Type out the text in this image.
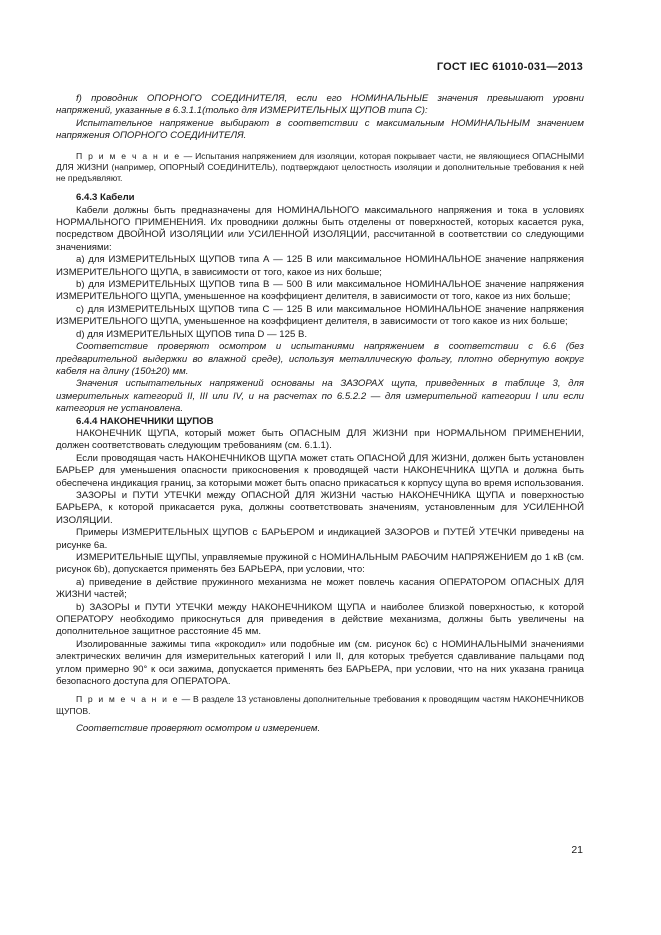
ГОСТ IEC 61010-031—2013

f) проводник ОПОРНОГО СОЕДИНИТЕЛЯ, если его НОМИНАЛЬНЫЕ значения превышают уровни напряжений, указанные в 6.3.1.1(только для ИЗМЕРИТЕЛЬНЫХ ЩУПОВ типа С):

Испытательное напряжение выбирают в соответствии с максимальным НОМИНАЛЬНЫМ значением напряжения ОПОРНОГО СОЕДИНИТЕЛЯ.

П р и м е ч а н и е — Испытания напряжением для изоляции, которая покрывает части, не являющиеся ОПАСНЫМИ ДЛЯ ЖИЗНИ (например, ОПОРНЫЙ СОЕДИНИТЕЛЬ), подтверждают целостность изоляции и дополнительные требования к ней не предъявляют.

6.4.3 Кабели

Кабели должны быть предназначены для НОМИНАЛЬНОГО максимального напряжения и тока в условиях НОРМАЛЬНОГО ПРИМЕНЕНИЯ. Их проводники должны быть отделены от поверхностей, которых касается рука, посредством ДВОЙНОЙ ИЗОЛЯЦИИ или УСИЛЕННОЙ ИЗОЛЯЦИИ, рассчитанной в соответствии со следующими значениями:

а) для ИЗМЕРИТЕЛЬНЫХ ЩУПОВ типа А — 125 В или максимальное НОМИНАЛЬНОЕ значение напряжения ИЗМЕРИТЕЛЬНОГО ЩУПА, в зависимости от того, какое из них больше;

b) для ИЗМЕРИТЕЛЬНЫХ ЩУПОВ типа В — 500 В или максимальное НОМИНАЛЬНОЕ значение напряжения ИЗМЕРИТЕЛЬНОГО ЩУПА, уменьшенное на коэффициент делителя, в зависимости от того, какое из них больше;

c) для ИЗМЕРИТЕЛЬНЫХ ЩУПОВ типа С — 125 В или максимальное НОМИНАЛЬНОЕ значение напряжения ИЗМЕРИТЕЛЬНОГО ЩУПА, уменьшенное на коэффициент делителя, в зависимости от того какое из них больше;

d) для ИЗМЕРИТЕЛЬНЫХ ЩУПОВ типа D — 125 В.

Соответствие проверяют осмотром и испытаниями напряжением в соответствии с 6.6 (без предварительной выдержки во влажной среде), используя металлическую фольгу, плотно обернутую вокруг кабеля на длину (150±20) мм.

Значения испытательных напряжений основаны на ЗАЗОРАХ щупа, приведенных в таблице 3, для измерительных категорий II, III или IV, и на расчетах по 6.5.2.2 — для измерительной категории I или если категория не установлена.

6.4.4 НАКОНЕЧНИКИ ЩУПОВ

НАКОНЕЧНИК ЩУПА, который может быть ОПАСНЫМ ДЛЯ ЖИЗНИ при НОРМАЛЬНОМ ПРИМЕНЕНИИ, должен соответствовать следующим требованиям (см. 6.1.1).

Если проводящая часть НАКОНЕЧНИКОВ ЩУПА может стать ОПАСНОЙ ДЛЯ ЖИЗНИ, должен быть установлен БАРЬЕР для уменьшения опасности прикосновения к проводящей части НАКОНЕЧНИКА ЩУПА и должна быть обеспечена индикация границ, за которыми может быть опасно прикасаться к корпусу щупа во время использования.

ЗАЗОРЫ и ПУТИ УТЕЧКИ между ОПАСНОЙ ДЛЯ ЖИЗНИ частью НАКОНЕЧНИКА ЩУПА и поверхностью БАРЬЕРА, к которой прикасается рука, должны соответствовать значениям, установленным для УСИЛЕННОЙ ИЗОЛЯЦИИ.

Примеры ИЗМЕРИТЕЛЬНЫХ ЩУПОВ с БАРЬЕРОМ и индикацией ЗАЗОРОВ и ПУТЕЙ УТЕЧКИ приведены на рисунке 6а.

ИЗМЕРИТЕЛЬНЫЕ ЩУПЫ, управляемые пружиной с НОМИНАЛЬНЫМ РАБОЧИМ НАПРЯЖЕНИЕМ до 1 кВ (см. рисунок 6b), допускается применять без БАРЬЕРА, при условии, что:

а) приведение в действие пружинного механизма не может повлечь касания ОПЕРАТОРОМ ОПАСНЫХ ДЛЯ ЖИЗНИ частей;

b) ЗАЗОРЫ и ПУТИ УТЕЧКИ между НАКОНЕЧНИКОМ ЩУПА и наиболее близкой поверхностью, к которой ОПЕРАТОРУ необходимо прикоснуться для приведения в действие механизма, должны быть увеличены на дополнительное защитное расстояние 45 мм.

Изолированные зажимы типа «крокодил» или подобные им (см. рисунок 6с) с НОМИНАЛЬНЫМИ значениями электрических величин для измерительных категорий I или II, для которых требуется сдавливание пальцами под углом примерно 90° к оси зажима, допускается применять без БАРЬЕРА, при условии, что на них указана граница безопасного доступа для ОПЕРАТОРА.

П р и м е ч а н и е — В разделе 13 установлены дополнительные требования к проводящим частям НАКОНЕЧНИКОВ ЩУПОВ.

Соответствие проверяют осмотром и измерением.

21
